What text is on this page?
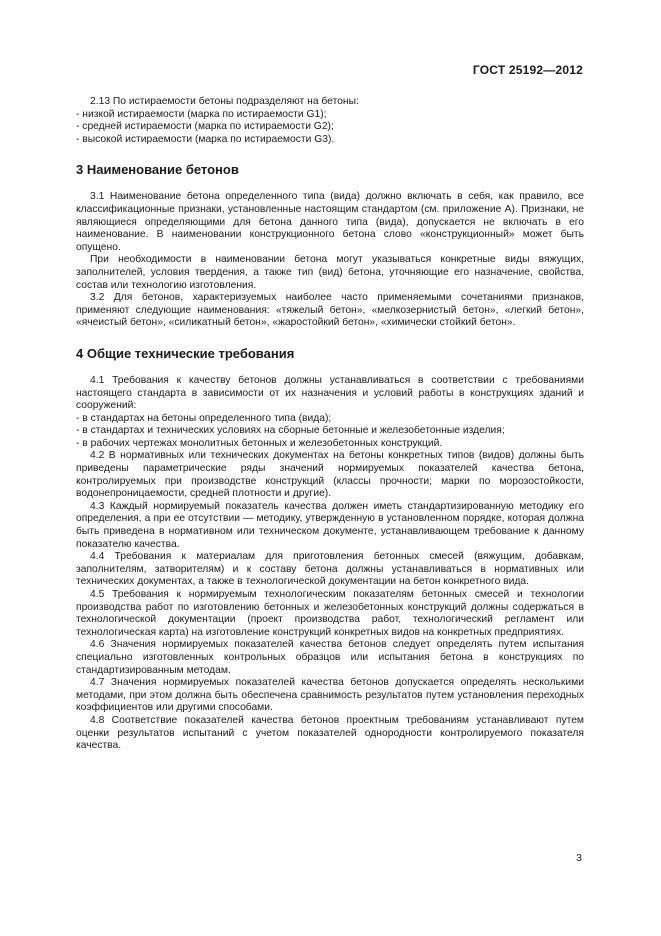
ГОСТ 25192—2012

2.13 По истираемости бетоны подразделяют на бетоны:

- низкой истираемости (марка по истираемости G1);

- средней истираемости (марка по истираемости G2);

- высокой истираемости (марка по истираемости G3).

3 Наименование бетонов

3.1 Наименование бетона определенного типа (вида) должно включать в себя, как правило, все классификационные признаки, установленные настоящим стандартом (см. приложение А). Признаки, не являющиеся определяющими для бетона данного типа (вида), допускается не включать в его наименование. В наименовании конструкционного бетона слово «конструкционный» может быть опущено.

При необходимости в наименовании бетона могут указываться конкретные виды вяжущих, заполнителей, условия твердения, а также тип (вид) бетона, уточняющие его назначение, свойства, состав или технологию изготовления.

3.2 Для бетонов, характеризуемых наиболее часто применяемыми сочетаниями признаков, применяют следующие наименования: «тяжелый бетон», «мелкозернистый бетон», «легкий бетон», «ячеистый бетон», «силикатный бетон», «жаростойкий бетон», «химически стойкий бетон».

4 Общие технические требования

4.1 Требования к качеству бетонов должны устанавливаться в соответствии с требованиями настоящего стандарта в зависимости от их назначения и условий работы в конструкциях зданий и сооружений:

- в стандартах на бетоны определенного типа (вида);

- в стандартах и технических условиях на сборные бетонные и железобетонные изделия;

- в рабочих чертежах монолитных бетонных и железобетонных конструкций.

4.2 В нормативных или технических документах на бетоны конкретных типов (видов) должны быть приведены параметрические ряды значений нормируемых показателей качества бетона, контролируемых при производстве конструкций (классы прочности; марки по морозостойкости, водонепроницаемости, средней плотности и другие).

4.3 Каждый нормируемый показатель качества должен иметь стандартизированную методику его определения, а при ее отсутствии — методику, утвержденную в установленном порядке, которая должна быть приведена в нормативном или техническом документе, устанавливающем требование к данному показателю качества.

4.4 Требования к материалам для приготовления бетонных смесей (вяжущим, добавкам, заполнителям, затворителям) и к составу бетона должны устанавливаться в нормативных или технических документах, а также в технологической документации на бетон конкретного вида.

4.5 Требования к нормируемым технологическим показателям бетонных смесей и технологии производства работ по изготовлению бетонных и железобетонных конструкций должны содержаться в технологической документации (проект производства работ, технологический регламент или технологическая карта) на изготовление конструкций конкретных видов на конкретных предприятиях.

4.6 Значения нормируемых показателей качества бетонов следует определять путем испытания специально изготовленных контрольных образцов или испытания бетона в конструкциях по стандартизированным методам.

4.7 Значения нормируемых показателей качества бетонов допускается определять несколькими методами, при этом должна быть обеспечена сравнимость результатов путем установления переходных коэффициентов или другими способами.

4.8 Соответствие показателей качества бетонов проектным требованиям устанавливают путем оценки результатов испытаний с учетом показателей однородности контролируемого показателя качества.

3
